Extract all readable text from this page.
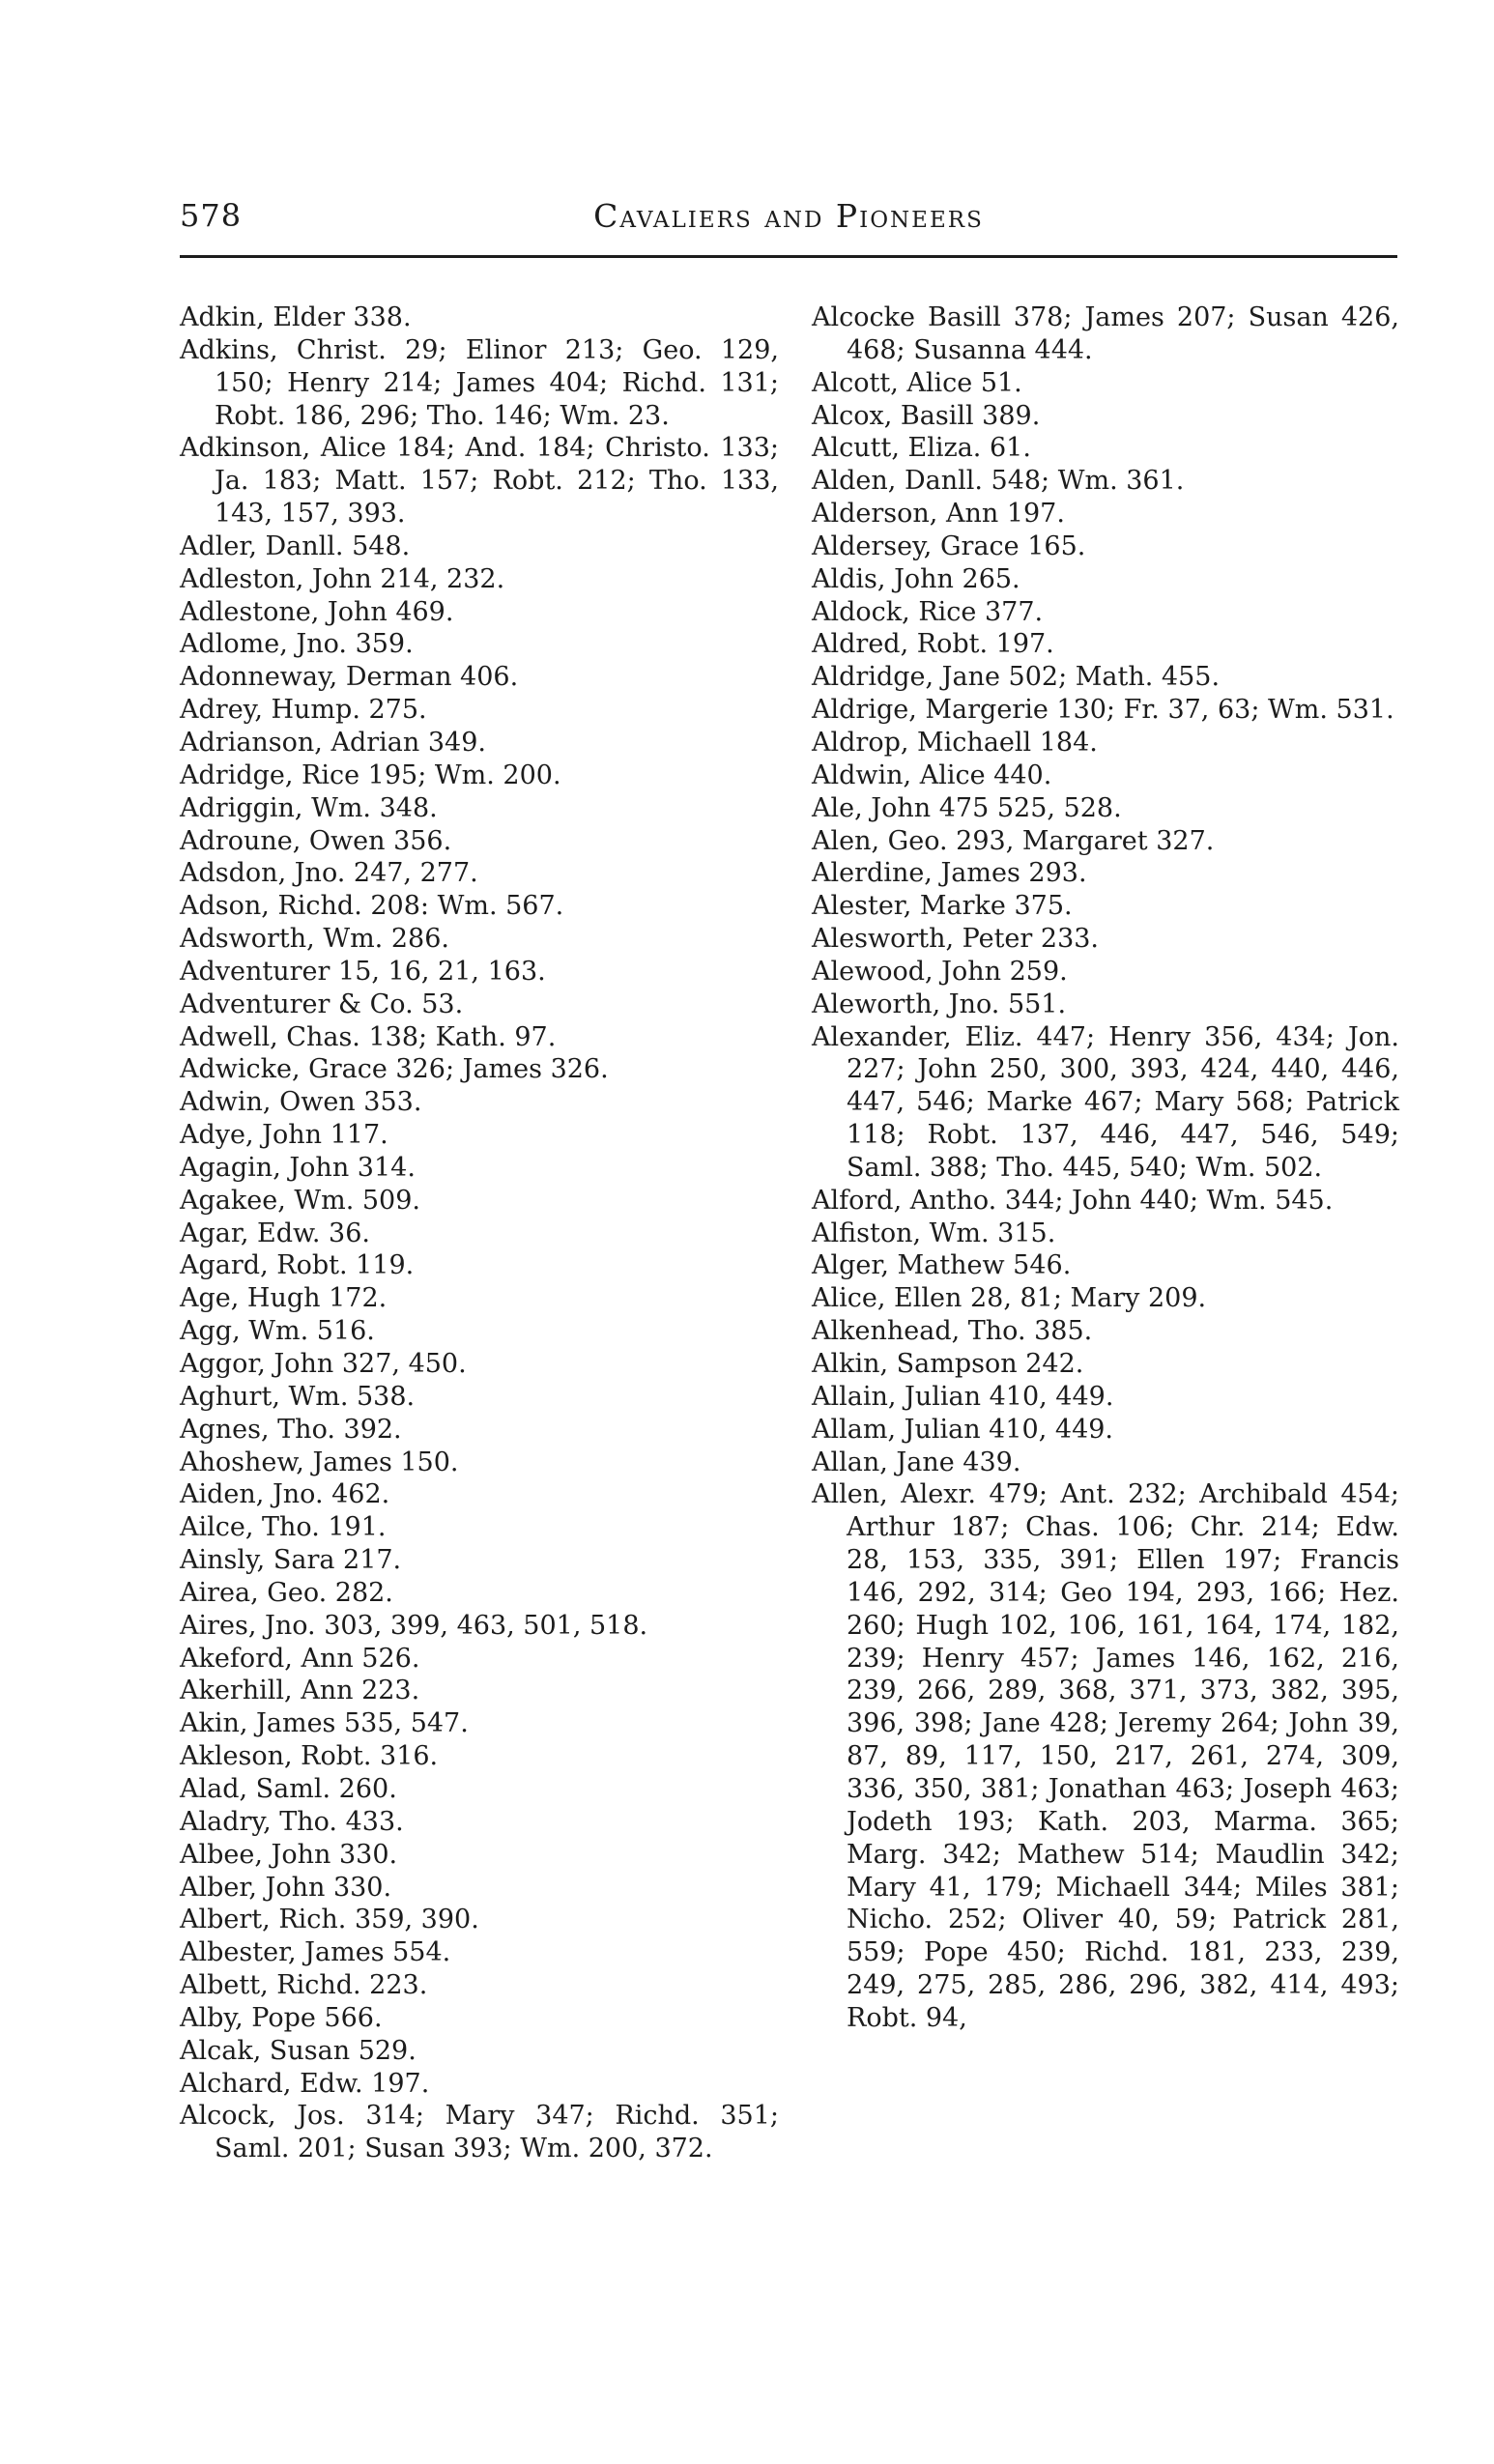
578	Cavaliers and Pioneers
Adkin, Elder 338.
Adkins, Christ. 29; Elinor 213; Geo. 129, 150; Henry 214; James 404; Richd. 131; Robt. 186, 296; Tho. 146; Wm. 23.
Adkinson, Alice 184; And. 184; Christo. 133; Ja. 183; Matt. 157; Robt. 212; Tho. 133, 143, 157, 393.
Adler, Danll. 548.
Adleston, John 214, 232.
Adlestone, John 469.
Adlome, Jno. 359.
Adonneway, Derman 406.
Adrey, Hump. 275.
Adrianson, Adrian 349.
Adridge, Rice 195; Wm. 200.
Adriggin, Wm. 348.
Adroune, Owen 356.
Adsdon, Jno. 247, 277.
Adson, Richd. 208: Wm. 567.
Adsworth, Wm. 286.
Adventurer 15, 16, 21, 163.
Adventurer & Co. 53.
Adwell, Chas. 138; Kath. 97.
Adwicke, Grace 326; James 326.
Adwin, Owen 353.
Adye, John 117.
Agagin, John 314.
Agakee, Wm. 509.
Agar, Edw. 36.
Agard, Robt. 119.
Age, Hugh 172.
Agg, Wm. 516.
Aggor, John 327, 450.
Aghurt, Wm. 538.
Agnes, Tho. 392.
Ahoshew, James 150.
Aiden, Jno. 462.
Ailce, Tho. 191.
Ainsly, Sara 217.
Airea, Geo. 282.
Aires, Jno. 303, 399, 463, 501, 518.
Akeford, Ann 526.
Akerhill, Ann 223.
Akin, James 535, 547.
Akleson, Robt. 316.
Alad, Saml. 260.
Aladry, Tho. 433.
Albee, John 330.
Alber, John 330.
Albert, Rich. 359, 390.
Albester, James 554.
Albett, Richd. 223.
Alby, Pope 566.
Alcak, Susan 529.
Alchard, Edw. 197.
Alcock, Jos. 314; Mary 347; Richd. 351; Saml. 201; Susan 393; Wm. 200, 372.
Alcocke Basill 378; James 207; Susan 426, 468; Susanna 444.
Alcott, Alice 51.
Alcox, Basill 389.
Alcutt, Eliza. 61.
Alden, Danll. 548; Wm. 361.
Alderson, Ann 197.
Aldersey, Grace 165.
Aldis, John 265.
Aldock, Rice 377.
Aldred, Robt. 197.
Aldridge, Jane 502; Math. 455.
Aldrige, Margerie 130; Fr. 37, 63; Wm. 531.
Aldrop, Michaell 184.
Aldwin, Alice 440.
Ale, John 475 525, 528.
Alen, Geo. 293, Margaret 327.
Alerdine, James 293.
Alester, Marke 375.
Alesworth, Peter 233.
Alewood, John 259.
Aleworth, Jno. 551.
Alexander, Eliz. 447; Henry 356, 434; Jon. 227; John 250, 300, 393, 424, 440, 446, 447, 546; Marke 467; Mary 568; Patrick 118; Robt. 137, 446, 447, 546, 549; Saml. 388; Tho. 445, 540; Wm. 502.
Alford, Antho. 344; John 440; Wm. 545.
Alfiston, Wm. 315.
Alger, Mathew 546.
Alice, Ellen 28, 81; Mary 209.
Alkenhead, Tho. 385.
Alkin, Sampson 242.
Allain, Julian 410, 449.
Allam, Julian 410, 449.
Allan, Jane 439.
Allen, Alexr. 479; Ant. 232; Archibald 454; Arthur 187; Chas. 106; Chr. 214; Edw. 28, 153, 335, 391; Ellen 197; Francis 146, 292, 314; Geo 194, 293, 166; Hez. 260; Hugh 102, 106, 161, 164, 174, 182, 239; Henry 457; James 146, 162, 216, 239, 266, 289, 368, 371, 373, 382, 395, 396, 398; Jane 428; Jeremy 264; John 39, 87, 89, 117, 150, 217, 261, 274, 309, 336, 350, 381; Jonathan 463; Joseph 463; Jodeth 193; Kath. 203, Marma. 365; Marg. 342; Mathew 514; Maudlin 342; Mary 41, 179; Michaell 344; Miles 381; Nicho. 252; Oliver 40, 59; Patrick 281, 559; Pope 450; Richd. 181, 233, 239, 249, 275, 285, 286, 296, 382, 414, 493; Robt. 94,
